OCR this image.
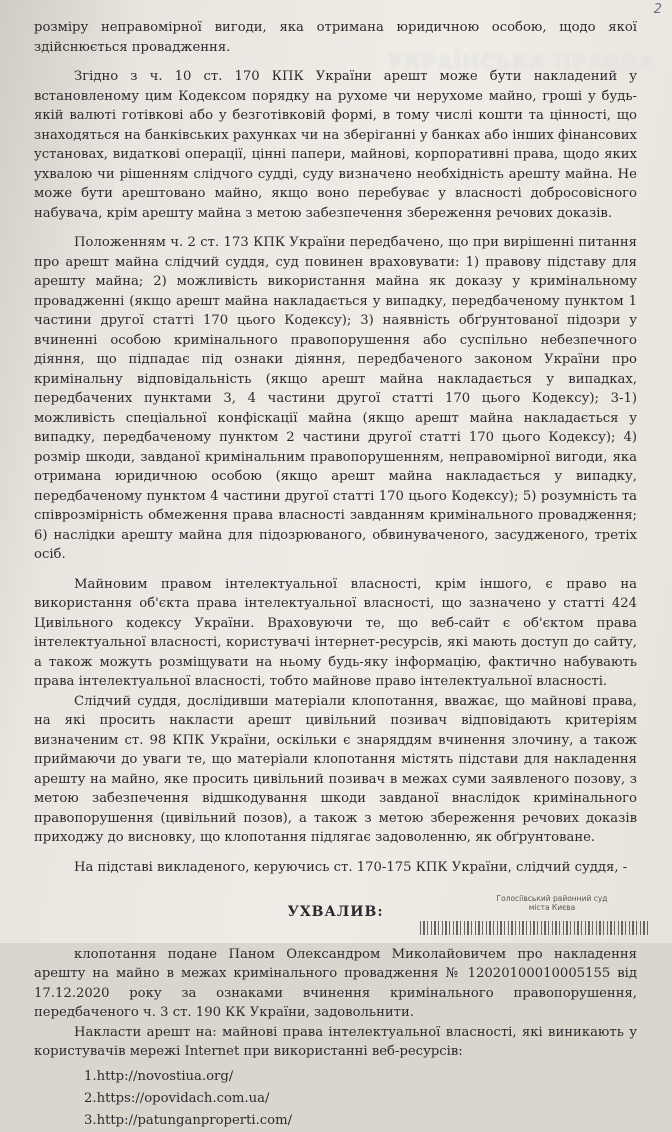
2
УКРАЇНСЬКА ПРАВДА

розміру неправомірної вигоди, яка отримана юридичною особою, щодо якої здійснюється провадження.

Згідно з ч. 10 ст. 170 КПК України арешт може бути накладений у встановленому цим Кодексом порядку на рухоме чи нерухоме майно, гроші у будь-якій валюті готівкові або у безготівковій формі, в тому числі кошти та цінності, що знаходяться на банківських рахунках чи на зберіганні у банках або інших фінансових установах, видаткові операції, цінні папери, майнові, корпоративні права, щодо яких ухвалою чи рішенням слідчого судді, суду визначено необхідність арешту майна. Не може бути арештовано майно, якщо воно перебуває у власності добросовісного набувача, крім арешту майна з метою забезпечення збереження речових доказів.

Положенням ч. 2 ст. 173 КПК України передбачено, що при вирішенні питання про арешт майна слідчий суддя, суд повинен враховувати: 1) правову підставу для арешту майна; 2) можливість використання майна як доказу у кримінальному провадженні (якщо арешт майна накладається у випадку, передбаченому пунктом 1 частини другої статті 170 цього Кодексу); 3) наявність обґрунтованої підозри у вчиненні особою кримінального правопорушення або суспільно небезпечного діяння, що підпадає під ознаки діяння, передбаченого законом України про кримінальну відповідальність (якщо арешт майна накладається у випадках, передбачених пунктами 3, 4 частини другої статті 170 цього Кодексу); 3-1) можливість спеціальної конфіскації майна (якщо арешт майна накладається у випадку, передбаченому пунктом 2 частини другої статті 170 цього Кодексу); 4) розмір шкоди, завданої кримінальним правопорушенням, неправомірної вигоди, яка отримана юридичною особою (якщо арешт майна накладається у випадку, передбаченому пунктом 4 частини другої статті 170 цього Кодексу); 5) розумність та співрозмірність обмеження права власності завданням кримінального провадження; 6) наслідки арешту майна для підозрюваного, обвинуваченого, засудженого, третіх осіб.

Майновим правом інтелектуальної власності, крім іншого, є право на використання об'єкта права інтелектуальної власності, що зазначено у статті 424 Цивільного кодексу України. Враховуючи те, що веб-сайт є об'єктом права інтелектуальної власності, користувачі інтернет-ресурсів, які мають доступ до сайту, а також можуть розміщувати на ньому будь-яку інформацію, фактично набувають права інтелектуальної власності, тобто майнове право інтелектуальної власності.

Слідчий суддя, дослідивши матеріали клопотання, вважає, що майнові права, на які просить накласти арешт цивільний позивач відповідають критеріям визначеним ст. 98 КПК України, оскільки є знаряддям вчинення злочину, а також приймаючи до уваги те, що матеріали клопотання містять підстави для накладення арешту на майно, яке просить цивільний позивач в межах суми заявленого позову, з метою забезпечення відшкодування шкоди завданої внаслідок кримінального правопорушення (цивільний позов), а також з метою збереження речових доказів приходжу до висновку, що клопотання підлягає задоволенню, як обґрунтоване.

На підставі викладеного, керуючись ст. 170-175 КПК України, слідчий суддя, -

УХВАЛИВ:

клопотання подане Паном Олександром Миколайовичем про накладення арешту на майно в межах кримінального провадження № 12020100010005155 від 17.12.2020 року за ознаками вчинення кримінального правопорушення, передбаченого ч. 3 ст. 190 КК України, задовольнити.

Накласти арешт на: майнові права інтелектуальної власності, які виникають у користувачів мережі Internet при використанні веб-ресурсів:

1.http://novostiua.org/
2.https://opovidach.com.ua/
3.http://patunganproperti.com/
Голосіївський районний суд
міста Києва
